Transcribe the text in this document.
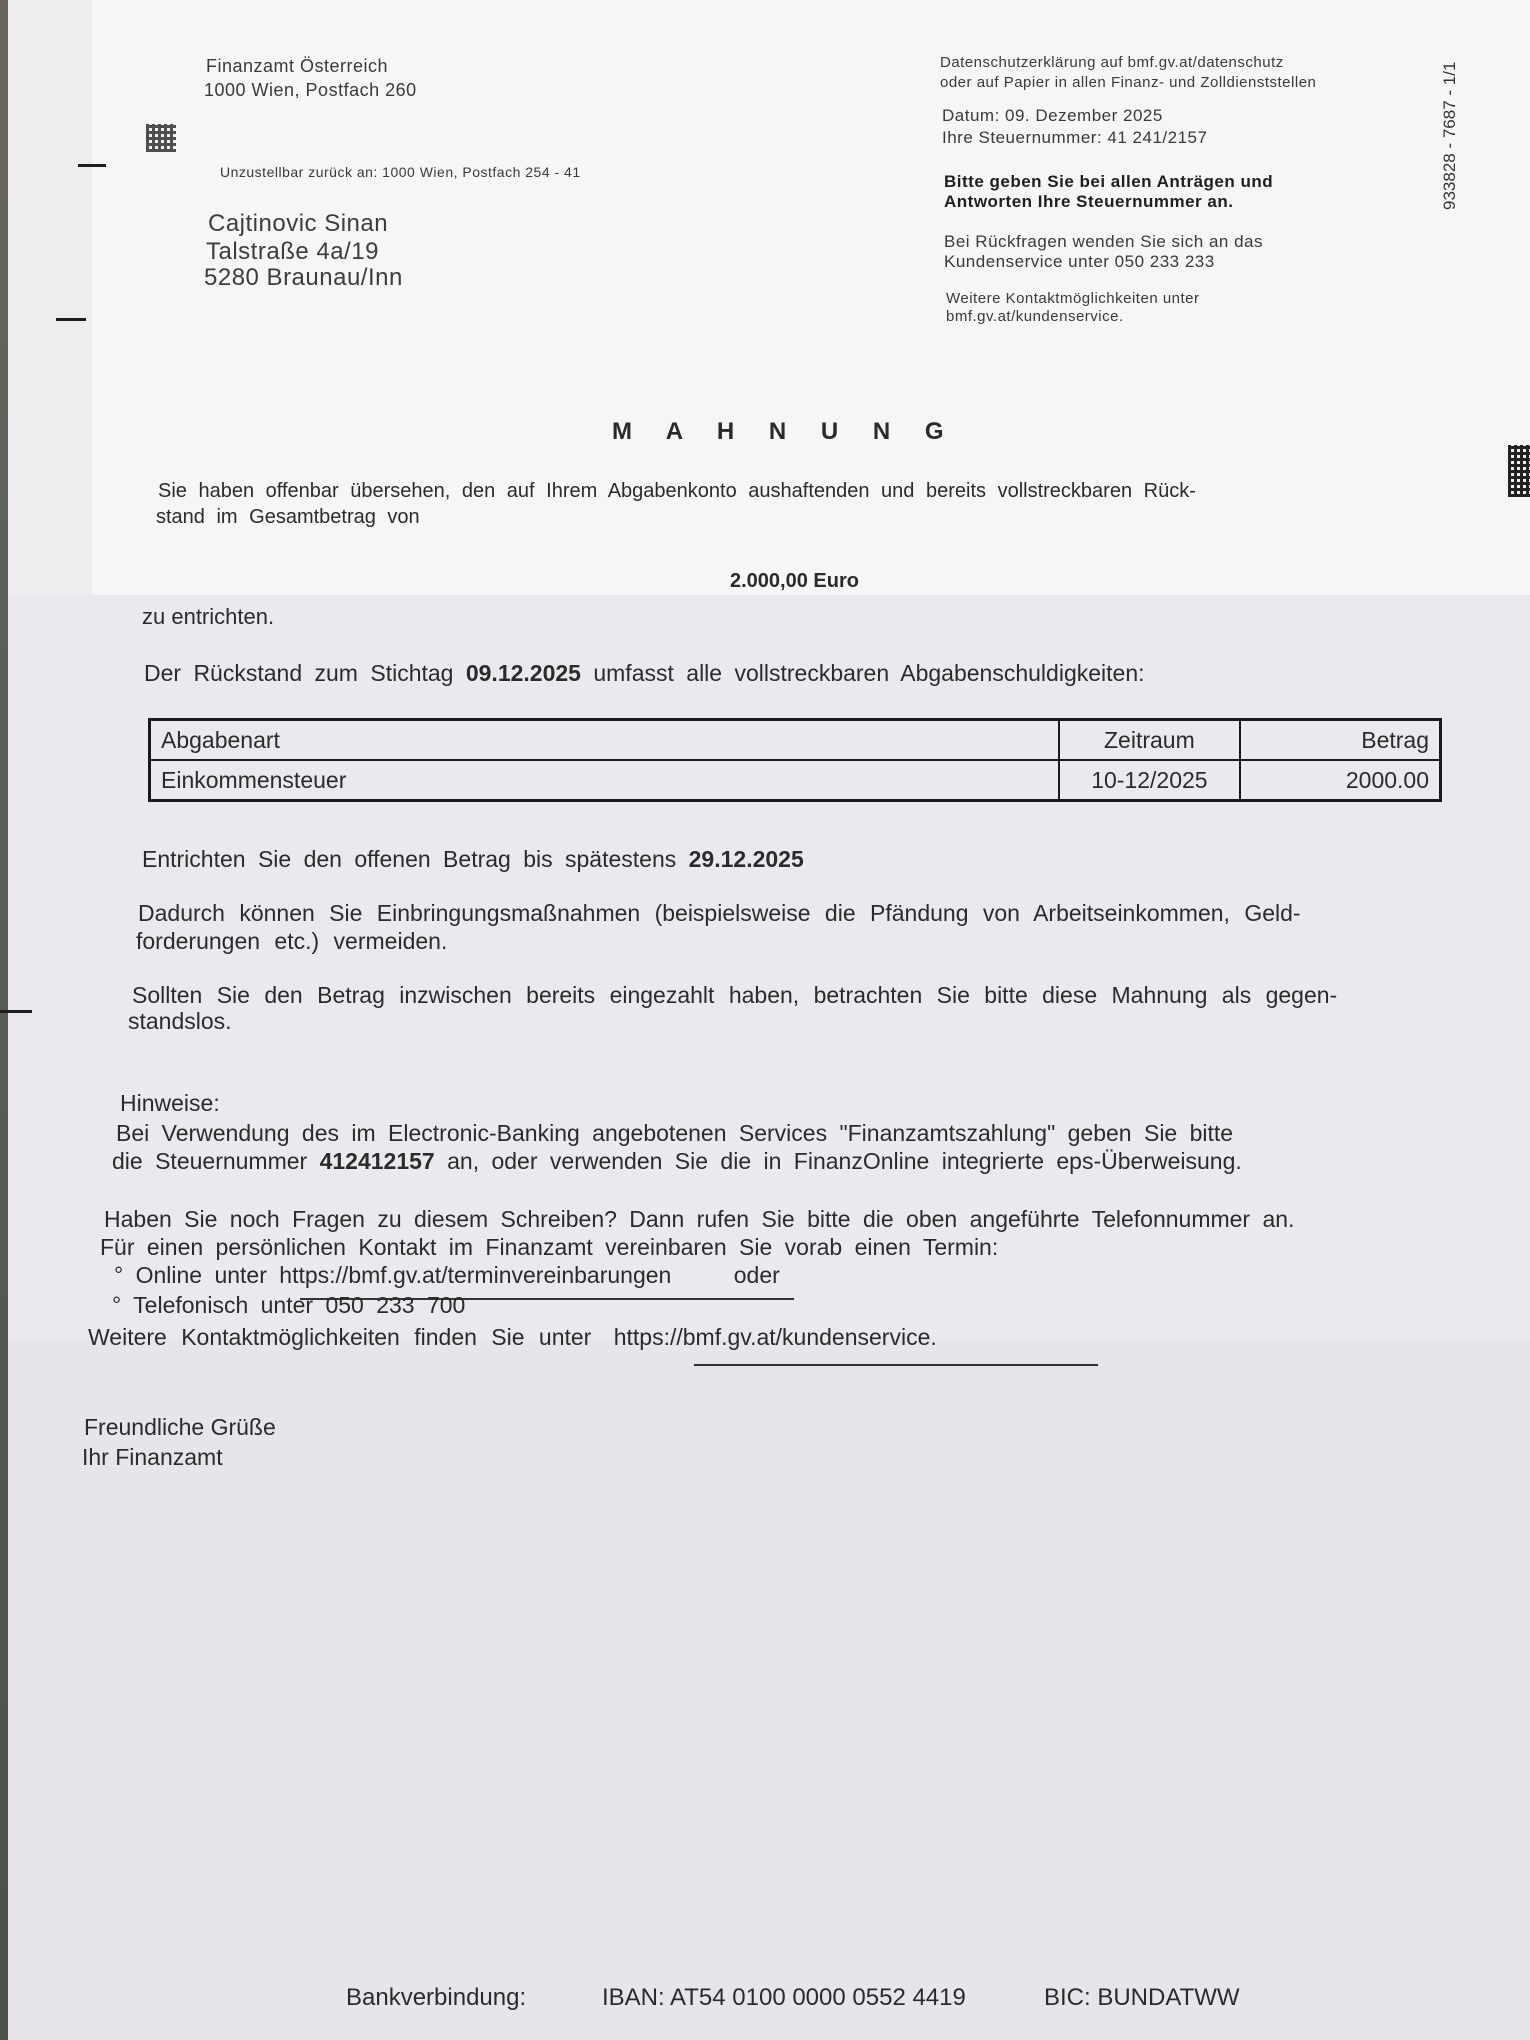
Finanzamt Österreich
1000 Wien, Postfach 260
Unzustellbar zurück an: 1000 Wien, Postfach 254 - 41
Cajtinovic Sinan
Talstraße 4a/19
5280 Braunau/Inn
Datenschutzerklärung auf bmf.gv.at/datenschutz
oder auf Papier in allen Finanz- und Zolldienststellen
Datum: 09. Dezember 2025
Ihre Steuernummer: 41 241/2157
Bitte geben Sie bei allen Anträgen und
Antworten Ihre Steuernummer an.
Bei Rückfragen wenden Sie sich an das
Kundenservice unter 050 233 233
Weitere Kontaktmöglichkeiten unter
bmf.gv.at/kundenservice.
933828 - 7687 - 1/1
M A H N U N G
Sie haben offenbar übersehen, den auf Ihrem Abgabenkonto aushaftenden und bereits vollstreckbaren Rück-
stand im Gesamtbetrag von
2.000,00 Euro
zu entrichten.
Der Rückstand zum Stichtag 09.12.2025 umfasst alle vollstreckbaren Abgabenschuldigkeiten:
Abgabenart	Zeitraum	Betrag
Einkommensteuer	10-12/2025	2000.00
Entrichten Sie den offenen Betrag bis spätestens 29.12.2025
Dadurch können Sie Einbringungsmaßnahmen (beispielsweise die Pfändung von Arbeitseinkommen, Geld-
forderungen etc.) vermeiden.
Sollten Sie den Betrag inzwischen bereits eingezahlt haben, betrachten Sie bitte diese Mahnung als gegen-
standslos.
Hinweise:
Bei Verwendung des im Electronic-Banking angebotenen Services "Finanzamtszahlung" geben Sie bitte
die Steuernummer 412412157 an, oder verwenden Sie die in FinanzOnline integrierte eps-Überweisung.
Haben Sie noch Fragen zu diesem Schreiben? Dann rufen Sie bitte die oben angeführte Telefonnummer an.
Für einen persönlichen Kontakt im Finanzamt vereinbaren Sie vorab einen Termin:
° Online unter https://bmf.gv.at/terminvereinbarungen	oder
° Telefonisch unter 050 233 700
Weitere Kontaktmöglichkeiten finden Sie unter https://bmf.gv.at/kundenservice.
Freundliche Grüße
Ihr Finanzamt
Bankverbindung:	IBAN: AT54 0100 0000 0552 4419	BIC: BUNDATWW
